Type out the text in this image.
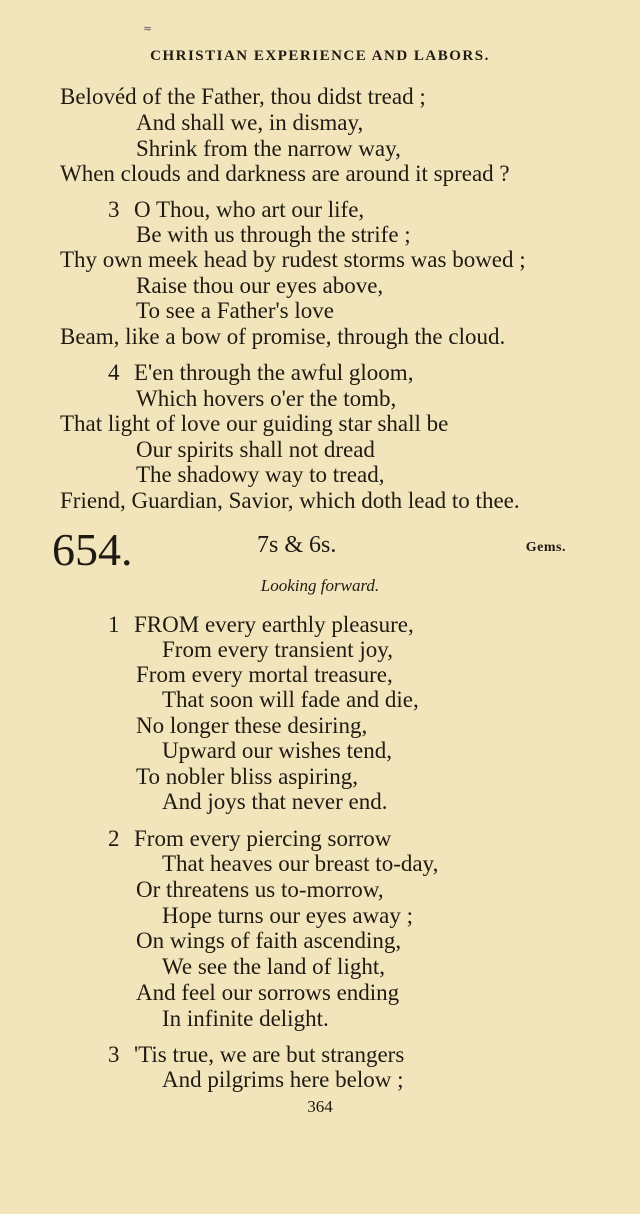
≈
CHRISTIAN EXPERIENCE AND LABORS.
Belovéd of the Father, thou didst tread ;
And shall we, in dismay,
Shrink from the narrow way,
When clouds and darkness are around it spread ?
3 O Thou, who art our life,
Be with us through the strife ;
Thy own meek head by rudest storms was bowed ;
Raise thou our eyes above,
To see a Father's love
Beam, like a bow of promise, through the cloud.
4 E'en through the awful gloom,
Which hovers o'er the tomb,
That light of love our guiding star shall be
Our spirits shall not dread
The shadowy way to tread,
Friend, Guardian, Savior, which doth lead to thee.
654.	7s & 6s.	Gems.
Looking forward.
1 FROM every earthly pleasure,
From every transient joy,
From every mortal treasure,
That soon will fade and die,
No longer these desiring,
Upward our wishes tend,
To nobler bliss aspiring,
And joys that never end.
2 From every piercing sorrow
That heaves our breast to-day,
Or threatens us to-morrow,
Hope turns our eyes away ;
On wings of faith ascending,
We see the land of light,
And feel our sorrows ending
In infinite delight.
3 'Tis true, we are but strangers
And pilgrims here below ;
364
